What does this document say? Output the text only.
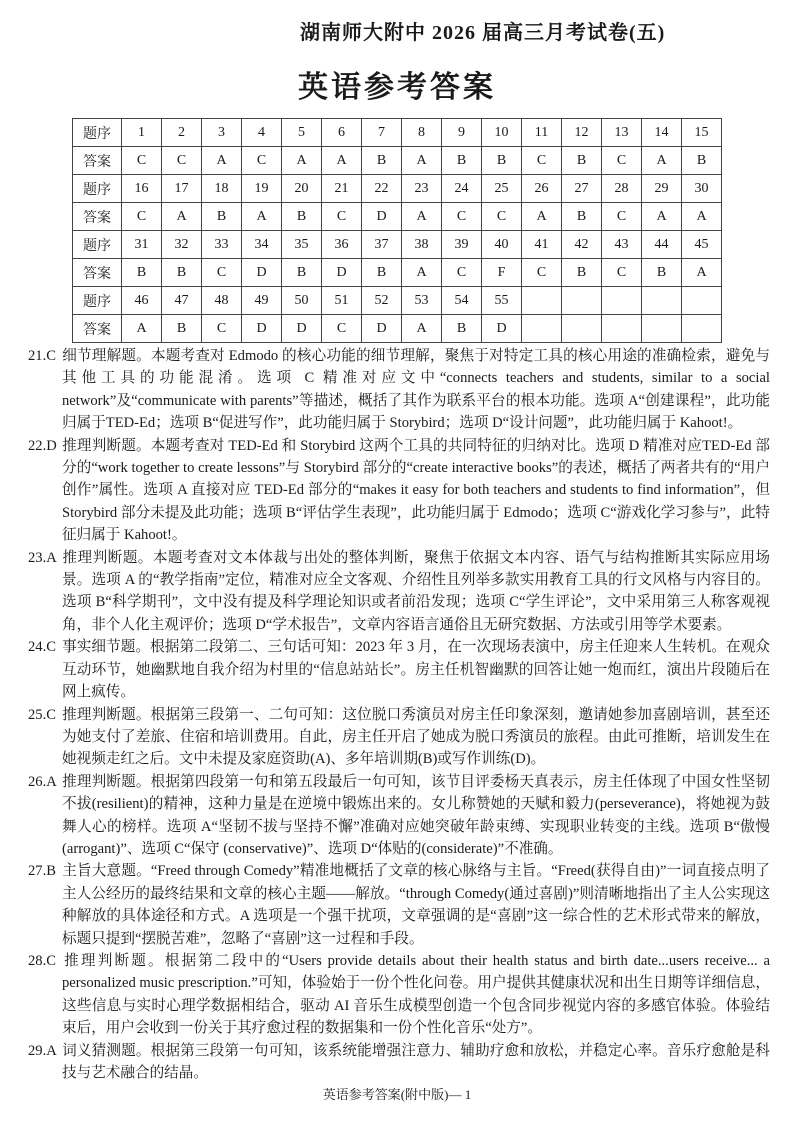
湖南师大附中 2026 届高三月考试卷(五)
英语参考答案
题序	1	2	3	4	5	6	7	8	9	10	11	12	13	14	15
答案	C	C	A	C	A	A	B	A	B	B	C	B	C	A	B
题序	16	17	18	19	20	21	22	23	24	25	26	27	28	29	30
答案	C	A	B	A	B	C	D	A	C	C	A	B	C	A	A
题序	31	32	33	34	35	36	37	38	39	40	41	42	43	44	45
答案	B	B	C	D	B	D	B	A	C	F	C	B	C	B	A
题序	46	47	48	49	50	51	52	53	54	55					
答案	A	B	C	D	D	C	D	A	B	D					
21.C 细节理解题。本题考查对 Edmodo 的核心功能的细节理解，聚焦于对特定工具的核心用途的准确检索，避免与其他工具的功能混淆。选项 C 精准对应文中“connects teachers and students, similar to a social network”及“communicate with parents”等描述，概括了其作为联系平台的根本功能。选项 A“创建课程”，此功能归属于TED-Ed；选项 B“促进写作”，此功能归属于 Storybird；选项 D“设计问题”，此功能归属于 Kahoot!。
22.D 推理判断题。本题考查对 TED-Ed 和 Storybird 这两个工具的共同特征的归纳对比。选项 D 精准对应TED-Ed 部分的“work together to create lessons”与 Storybird 部分的“create interactive books”的表述，概括了两者共有的“用户创作”属性。选项 A 直接对应 TED-Ed 部分的“makes it easy for both teachers and students to find information”，但 Storybird 部分未提及此功能；选项 B“评估学生表现”，此功能归属于 Edmodo；选项 C“游戏化学习参与”，此特征归属于 Kahoot!。
23.A 推理判断题。本题考查对文本体裁与出处的整体判断，聚焦于依据文本内容、语气与结构推断其实际应用场景。选项 A 的“教学指南”定位，精准对应全文客观、介绍性且列举多款实用教育工具的行文风格与内容目的。选项 B“科学期刊”，文中没有提及科学理论知识或者前沿发现；选项 C“学生评论”，文中采用第三人称客观视角，非个人化主观评价；选项 D“学术报告”，文章内容语言通俗且无研究数据、方法或引用等学术要素。
24.C 事实细节题。根据第二段第二、三句话可知：2023 年 3 月，在一次现场表演中，房主任迎来人生转机。在观众互动环节，她幽默地自我介绍为村里的“信息站站长”。房主任机智幽默的回答让她一炮而红，演出片段随后在网上疯传。
25.C 推理判断题。根据第三段第一、二句可知：这位脱口秀演员对房主任印象深刻，邀请她参加喜剧培训，甚至还为她支付了差旅、住宿和培训费用。自此，房主任开启了她成为脱口秀演员的旅程。由此可推断，培训发生在她视频走红之后。文中未提及家庭资助(A)、多年培训期(B)或写作训练(D)。
26.A 推理判断题。根据第四段第一句和第五段最后一句可知，该节目评委杨天真表示，房主任体现了中国女性坚韧不拔(resilient)的精神，这种力量是在逆境中锻炼出来的。女儿称赞她的天赋和毅力(perseverance)，将她视为鼓舞人心的榜样。选项 A“坚韧不拔与坚持不懈”准确对应她突破年龄束缚、实现职业转变的主线。选项 B“傲慢(arrogant)”、选项 C“保守 (conservative)”、选项 D“体贴的(considerate)”不准确。
27.B 主旨大意题。“Freed through Comedy”精准地概括了文章的核心脉络与主旨。“Freed(获得自由)”一词直接点明了主人公经历的最终结果和文章的核心主题——解放。“through Comedy(通过喜剧)”则清晰地指出了主人公实现这种解放的具体途径和方式。A 选项是一个强干扰项，文章强调的是“喜剧”这一综合性的艺术形式带来的解放，标题只提到“摆脱苦难”，忽略了“喜剧”这一过程和手段。
28.C 推理判断题。根据第二段中的“Users provide details about their health status and birth date...users receive... a personalized music prescription.”可知，体验始于一份个性化问卷。用户提供其健康状况和出生日期等详细信息，这些信息与实时心理学数据相结合，驱动 AI 音乐生成模型创造一个包含同步视觉内容的多感官体验。体验结束后，用户会收到一份关于其疗愈过程的数据集和一份个性化音乐“处方”。
29.A 词义猜测题。根据第三段第一句可知，该系统能增强注意力、辅助疗愈和放松，并稳定心率。音乐疗愈舱是科技与艺术融合的结晶。
英语参考答案(附中版)— 1
